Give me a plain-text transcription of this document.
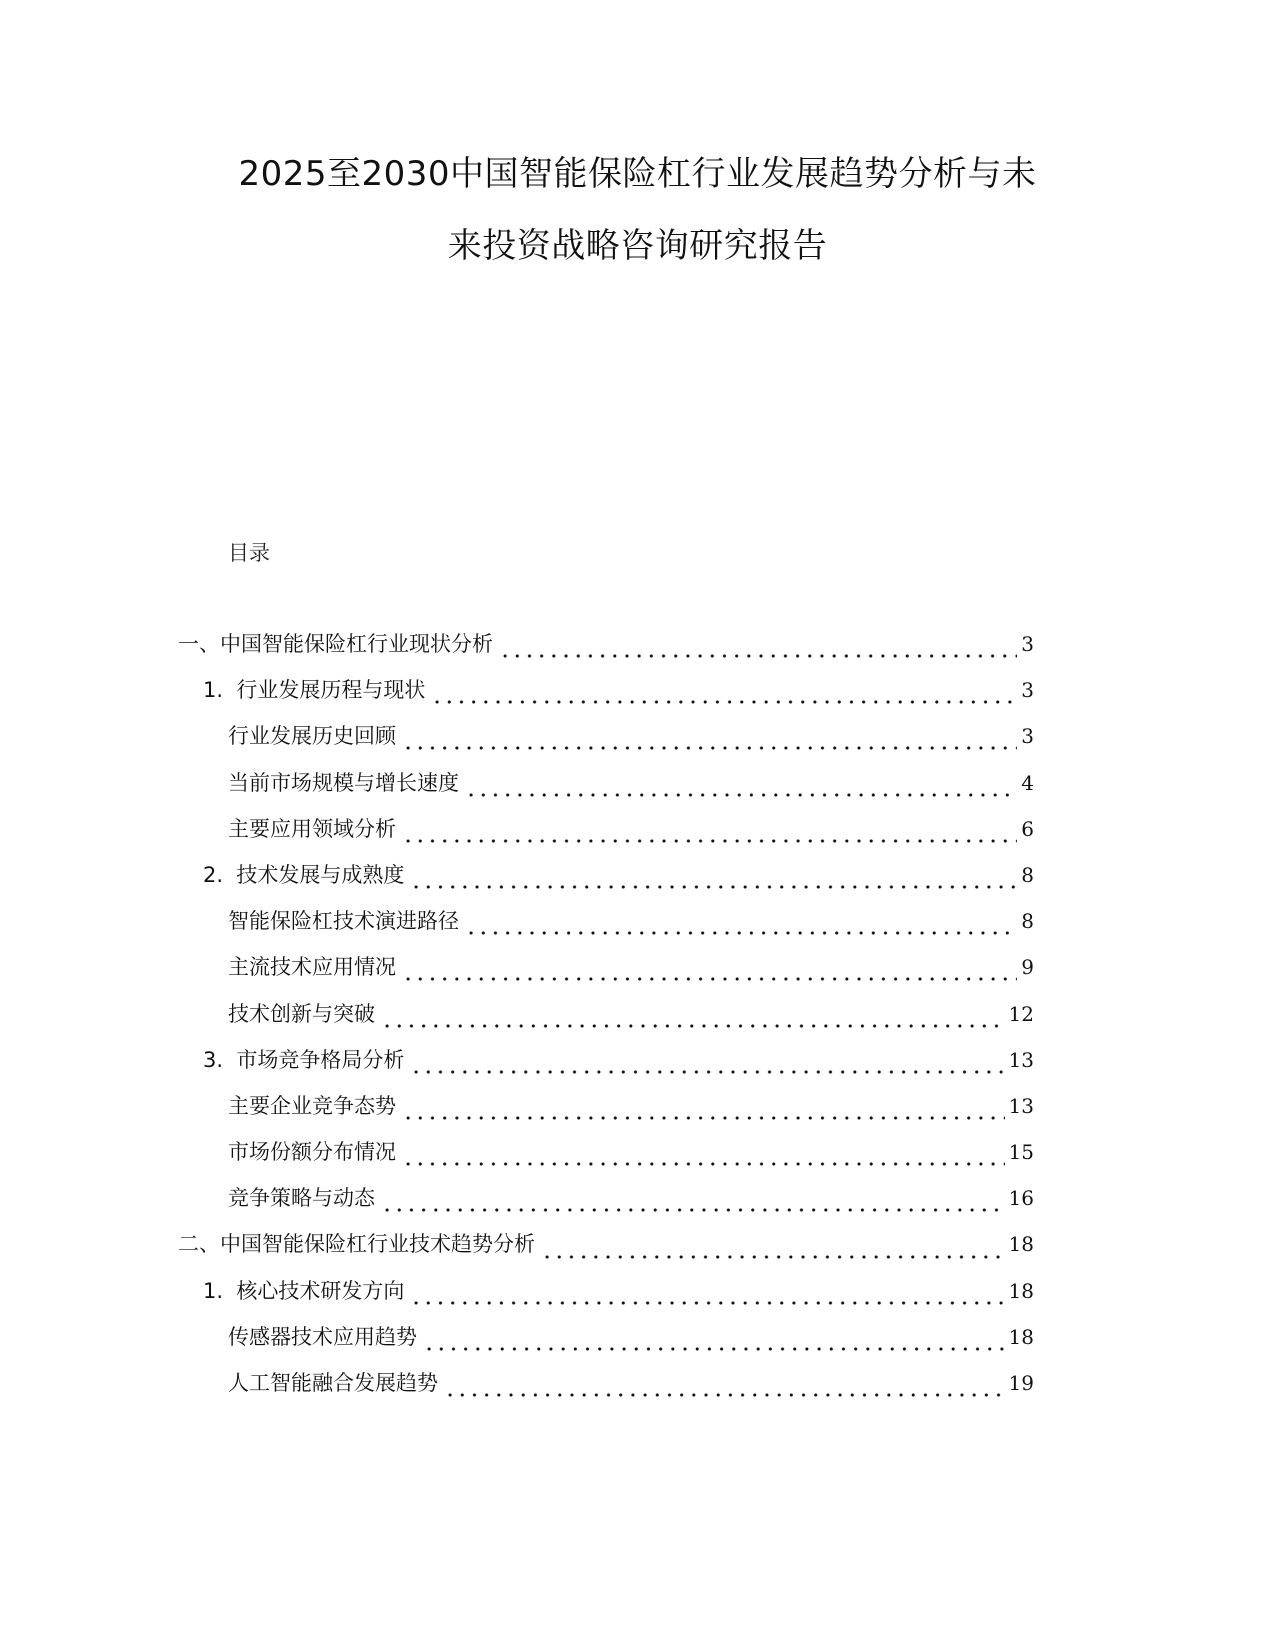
2025至2030中国智能保险杠行业发展趋势分析与未
来投资战略咨询研究报告
目录
一、 中国智能保险杠行业现状分析	3
1. 行业发展历程与现状	3
行业发展历史回顾	3
当前市场规模与增长速度	4
主要应用领域分析	6
2. 技术发展与成熟度	8
智能保险杠技术演进路径	8
主流技术应用情况	9
技术创新与突破	12
3. 市场竞争格局分析	13
主要企业竞争态势	13
市场份额分布情况	15
竞争策略与动态	16
二、 中国智能保险杠行业技术趋势分析	18
1. 核心技术研发方向	18
传感器技术应用趋势	18
人工智能融合发展趋势	19
